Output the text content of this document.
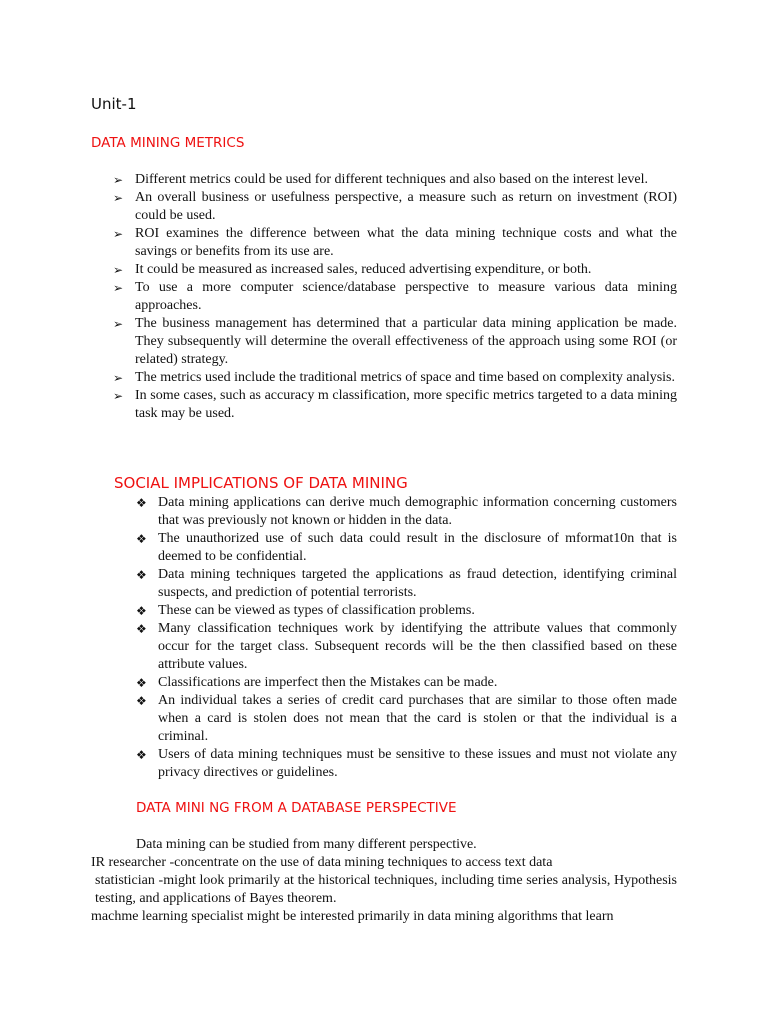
Unit-1
DATA MINING METRICS
➢ Different metrics could be used for different techniques and also based on the interest level.
➢ An overall business or usefulness perspective, a measure such as return on investment (ROI) could be used.
➢ ROI examines the difference between what the data mining technique costs and what the savings or benefits from its use are.
➢ It could be measured as increased sales, reduced advertising expenditure, or both.
➢ To use a more computer science/database perspective to measure various data mining approaches.
➢ The business management has determined that a particular data mining application be made. They subsequently will determine the overall effectiveness of the approach using some ROI (or related) strategy.
➢ The metrics used include the traditional metrics of space and time based on complexity analysis.
➢ In some cases, such as accuracy m classification, more specific metrics targeted to a data mining task may be used.
SOCIAL IMPLICATIONS OF DATA MINING
❖ Data mining applications can derive much demographic information concerning customers that was previously not known or hidden in the data.
❖ The unauthorized use of such data could result in the disclosure of mformat10n that is deemed to be confidential.
❖ Data mining techniques targeted the applications as fraud detection, identifying criminal suspects, and prediction of potential terrorists.
❖ These can be viewed as types of classification problems.
❖ Many classification techniques work by identifying the attribute values that commonly occur for the target class. Subsequent records will be the then classified based on these attribute values.
❖ Classifications are imperfect then the Mistakes can be made.
❖ An individual takes a series of credit card purchases that are similar to those often made when a card is stolen does not mean that the card is stolen or that the individual is a criminal.
❖ Users of data mining techniques must be sensitive to these issues and must not violate any privacy directives or guidelines.
DATA MINI NG FROM A DATABASE PERSPECTIVE

Data mining can be studied from many different perspective.

IR researcher -concentrate on the use of data mining techniques to access text data

statistician -might look primarily at the historical techniques, including time series analysis, Hypothesis testing, and applications of Bayes theorem.

machme learning specialist might be interested primarily in data mining algorithms that learn
